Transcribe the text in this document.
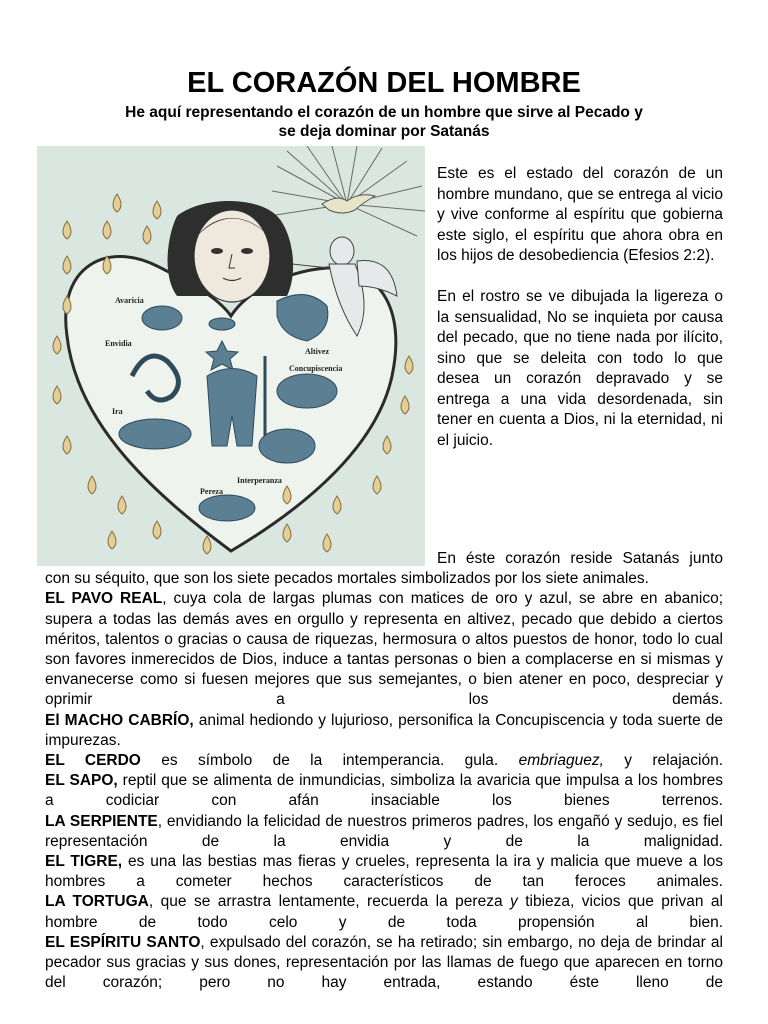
EL CORAZÓN DEL HOMBRE
He aquí representando el corazón de un hombre que sirve al Pecado y se deja dominar por Satanás
Avaricia
Envidia
Altivez
Concupiscencia
Ira
Interperanza
Pereza

Este es el estado del corazón de un hombre mundano, que se entrega al vicio y vive conforme al espíritu que gobierna este siglo, el espíritu que ahora obra en los hijos de desobediencia (Efesios 2:2).

En el rostro se ve dibujada la ligereza o la sensualidad, No se inquieta por causa del pecado, que no tiene nada por ilícito, sino que se deleita con todo lo que desea un corazón depravado y se entrega a una vida desordenada, sin tener en cuenta a Dios, ni la eternidad, ni el juicio.

En éste corazón reside Satanás junto con su séquito, que son los siete pecados mortales simbolizados por los siete animales.

EL PAVO REAL, cuya cola de largas plumas con matices de oro y azul, se abre en abanico; supera a todas las demás aves en orgullo y representa en altivez, pecado que debido a ciertos méritos, talentos o gracias o causa de riquezas, hermosura o altos puestos de honor, todo lo cual son favores inmerecidos de Dios, induce a tantas personas o bien a complacerse en si mismas y envanecerse como si fuesen mejores que sus semejantes, o bien atener en poco, despreciar y oprimir a los demás.

El MACHO CABRÍO, animal hediondo y lujurioso, personifica la Concupiscencia y toda suerte de impurezas.

EL CERDO es símbolo de la intemperancia. gula. embriaguez, y relajación.

EL SAPO, reptil que se alimenta de inmundicias, simboliza la avaricia que impulsa a los hombres a codiciar con afán insaciable los bienes terrenos.

LA SERPIENTE, envidiando la felicidad de nuestros primeros padres, los engañó y sedujo, es fiel representación de la envidia y de la malignidad.

EL TIGRE, es una las bestias mas fieras y crueles, representa la ira y malicia que mueve a los hombres a cometer hechos característicos de tan feroces animales.

LA TORTUGA, que se arrastra lentamente, recuerda la pereza y tibieza, vicios que privan al hombre de todo celo y de toda propensión al bien.

EL ESPÍRITU SANTO, expulsado del corazón, se ha retirado; sin embargo, no deja de brindar al pecador sus gracias y sus dones, representación por las llamas de fuego que aparecen en torno del corazón; pero no hay entrada, estando éste lleno de
